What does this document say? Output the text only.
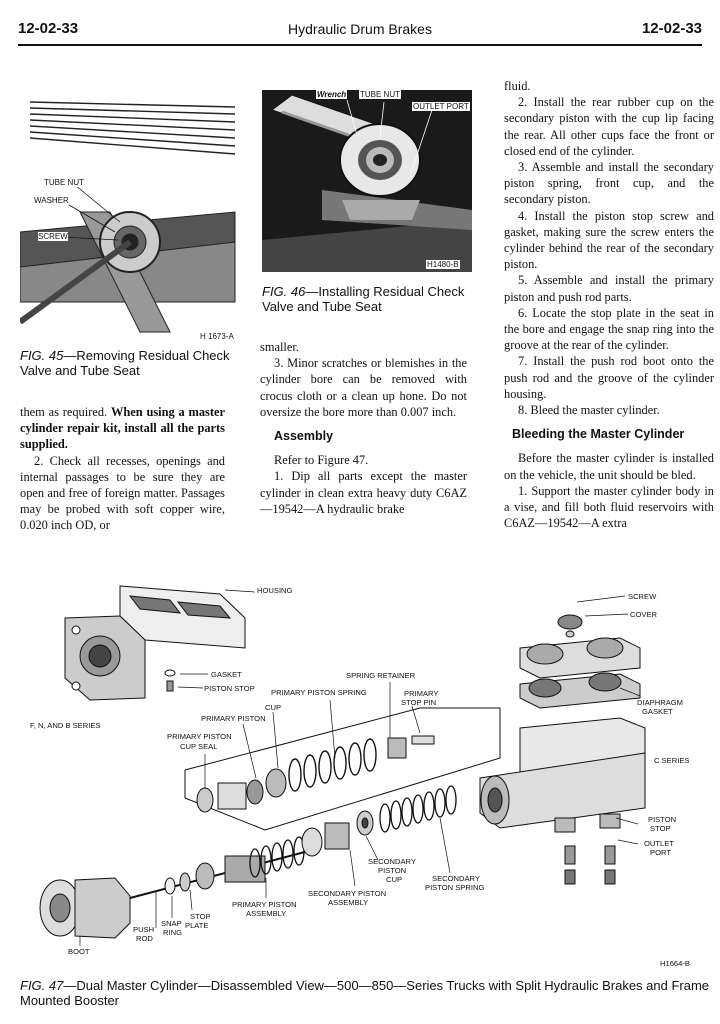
12-02-33	Hydraulic Drum Brakes	12-02-33
TUBE NUT
WASHER
SCREW
H 1673-A
FIG. 45—Removing Residual Check Valve and Tube Seat
Wrench TUBE NUT
OUTLET PORT
H1480-B
FIG. 46—Installing Residual Check Valve and Tube Seat

them as required. When using a master cylinder repair kit, install all the parts supplied.

2. Check all recesses, openings and internal passages to be sure they are open and free of foreign matter. Passages may be probed with soft copper wire, 0.020 inch OD, or

smaller.

3. Minor scratches or blemishes in the cylinder bore can be removed with crocus cloth or a clean up hone. Do not oversize the bore more than 0.007 inch.

Assembly

Refer to Figure 47.

1. Dip all parts except the master cylinder in clean extra heavy duty C6AZ—19542—A hydraulic brake

fluid.

2. Install the rear rubber cup on the secondary piston with the cup lip facing the rear. All other cups face the front or closed end of the cylinder.

3. Assemble and install the secondary piston spring, front cup, and the secondary piston.

4. Install the piston stop screw and gasket, making sure the screw enters the cylinder behind the rear of the secondary piston.

5. Assemble and install the primary piston and push rod parts.

6. Locate the stop plate in the seat in the bore and engage the snap ring into the groove at the rear of the cylinder.

7. Install the push rod boot onto the push rod and the groove of the cylinder housing.

8. Bleed the master cylinder.

Bleeding the Master Cylinder

Before the master cylinder is installed on the vehicle, the unit should be bled.

1. Support the master cylinder body in a vise, and fill both fluid reservoirs with C6AZ—19542—A extra

HOUSING
GASKET
PISTON STOP
SPRING RETAINER
PRIMARY PISTON SPRING	PRIMARY
STOP PIN
F, N, AND B SERIES
PRIMARY PISTON
CUP
PRIMARY PISTON
CUP SEAL
SCREW
COVER
DIAPHRAGM
GASKET
C SERIES
PISTON
STOP
OUTLET
PORT
SECONDARY
PISTON
CUP	SECONDARY
PISTON SPRING
SECONDARY PISTON
ASSEMBLY
PRIMARY PISTON
ASSEMBLY
STOP
PLATE
SNAP
RING
PUSH
ROD
BOOT
H1664-B
FIG. 47—Dual Master Cylinder—Disassembled View—500—850—Series Trucks with Split Hydraulic Brakes and Frame Mounted Booster
